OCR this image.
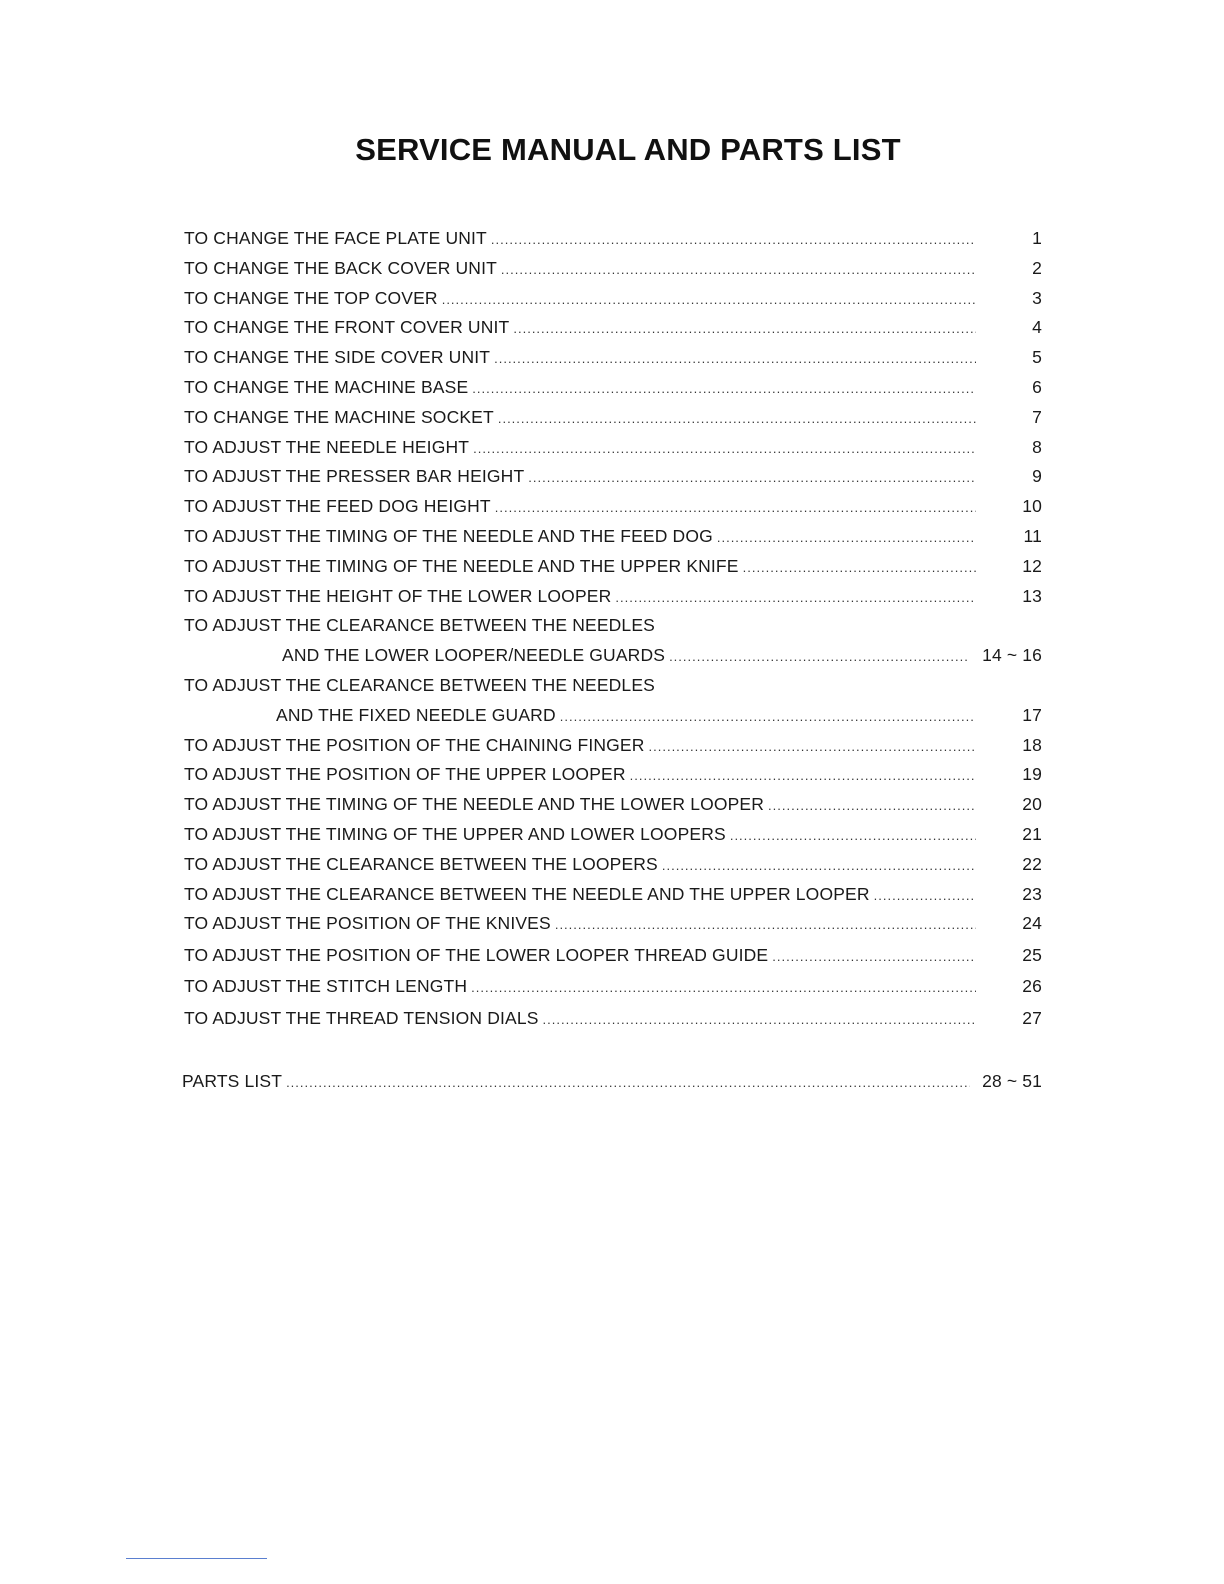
SERVICE MANUAL AND PARTS LIST
TO CHANGE THE FACE PLATE UNIT .....	1
TO CHANGE THE BACK COVER UNIT .....	2
TO CHANGE THE TOP COVER .....	3
TO CHANGE THE FRONT COVER UNIT .....	4
TO CHANGE THE SIDE COVER UNIT .....	5
TO CHANGE THE MACHINE BASE .....	6
TO CHANGE THE MACHINE SOCKET .....	7
TO ADJUST THE NEEDLE HEIGHT .....	8
TO ADJUST THE PRESSER BAR HEIGHT .....	9
TO ADJUST THE FEED DOG HEIGHT .....	10
TO ADJUST THE TIMING OF THE NEEDLE AND THE FEED DOG .....	11
TO ADJUST THE TIMING OF THE NEEDLE AND THE UPPER KNIFE .....	12
TO ADJUST THE HEIGHT OF THE LOWER LOOPER .....	13
TO ADJUST THE CLEARANCE BETWEEN THE NEEDLES
AND THE LOWER LOOPER/NEEDLE GUARDS .....	14 ~ 16
TO ADJUST THE CLEARANCE BETWEEN THE NEEDLES
AND THE FIXED NEEDLE GUARD .....	17
TO ADJUST THE POSITION OF THE CHAINING FINGER .....	18
TO ADJUST THE POSITION OF THE UPPER LOOPER .....	19
TO ADJUST THE TIMING OF THE NEEDLE AND THE LOWER LOOPER .....	20
TO ADJUST THE TIMING OF THE UPPER AND LOWER LOOPERS .....	21
TO ADJUST THE CLEARANCE BETWEEN THE LOOPERS .....	22
TO ADJUST THE CLEARANCE BETWEEN THE NEEDLE AND THE UPPER LOOPER .....	23
TO ADJUST THE POSITION OF THE KNIVES .....	24
TO ADJUST THE POSITION OF THE LOWER LOOPER THREAD GUIDE .....	25
TO ADJUST THE STITCH LENGTH .....	26
TO ADJUST THE THREAD TENSION DIALS .....	27
PARTS LIST .....	28 ~ 51
